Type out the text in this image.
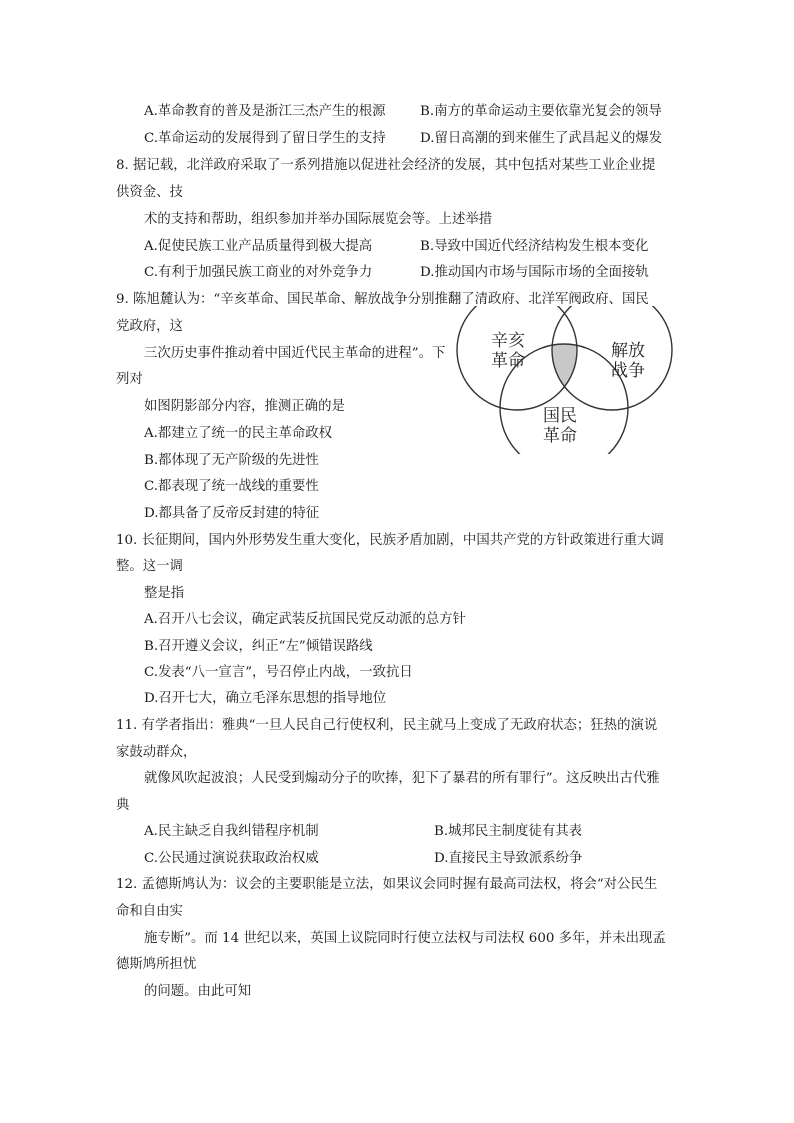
A.革命教育的普及是浙江三杰产生的根源	B.南方的革命运动主要依靠光复会的领导
C.革命运动的发展得到了留日学生的支持	D.留日高潮的到来催生了武昌起义的爆发
8. 据记载，北洋政府采取了一系列措施以促进社会经济的发展，其中包括对某些工业企业提
供资金、技
术的支持和帮助，组织参加并举办国际展览会等。上述举措
A.促使民族工业产品质量得到极大提高	B.导致中国近代经济结构发生根本变化
C.有利于加强民族工商业的对外竞争力	D.推动国内市场与国际市场的全面接轨
9. 陈旭麓认为：“辛亥革命、国民革命、解放战争分别推翻了清政府、北洋军阀政府、国民
党政府，这
三次历史事件推动着中国近代民主革命的进程”。下
列对
如图阴影部分内容，推测正确的是
A.都建立了统一的民主革命政权
B.都体现了无产阶级的先进性
C.都表现了统一战线的重要性
D.都具备了反帝反封建的特征
辛亥
革命	解放
战争
国民
革命
10. 长征期间，国内外形势发生重大变化，民族矛盾加剧，中国共产党的方针政策进行重大调
整。这一调
整是指
A.召开八七会议，确定武装反抗国民党反动派的总方针
B.召开遵义会议，纠正“左”倾错误路线
C.发表“八一宣言”，号召停止内战，一致抗日
D.召开七大，确立毛泽东思想的指导地位
11. 有学者指出：雅典“一旦人民自己行使权利，民主就马上变成了无政府状态；狂热的演说
家鼓动群众，
就像风吹起波浪；人民受到煽动分子的吹捧，犯下了暴君的所有罪行”。这反映出古代雅
典
A.民主缺乏自我纠错程序机制	B.城邦民主制度徒有其表
C.公民通过演说获取政治权威	D.直接民主导致派系纷争
12. 孟德斯鸠认为：议会的主要职能是立法，如果议会同时握有最高司法权，将会“对公民生
命和自由实
施专断”。而 14 世纪以来，英国上议院同时行使立法权与司法权 600 多年，并未出现孟
德斯鸠所担忧
的问题。由此可知
